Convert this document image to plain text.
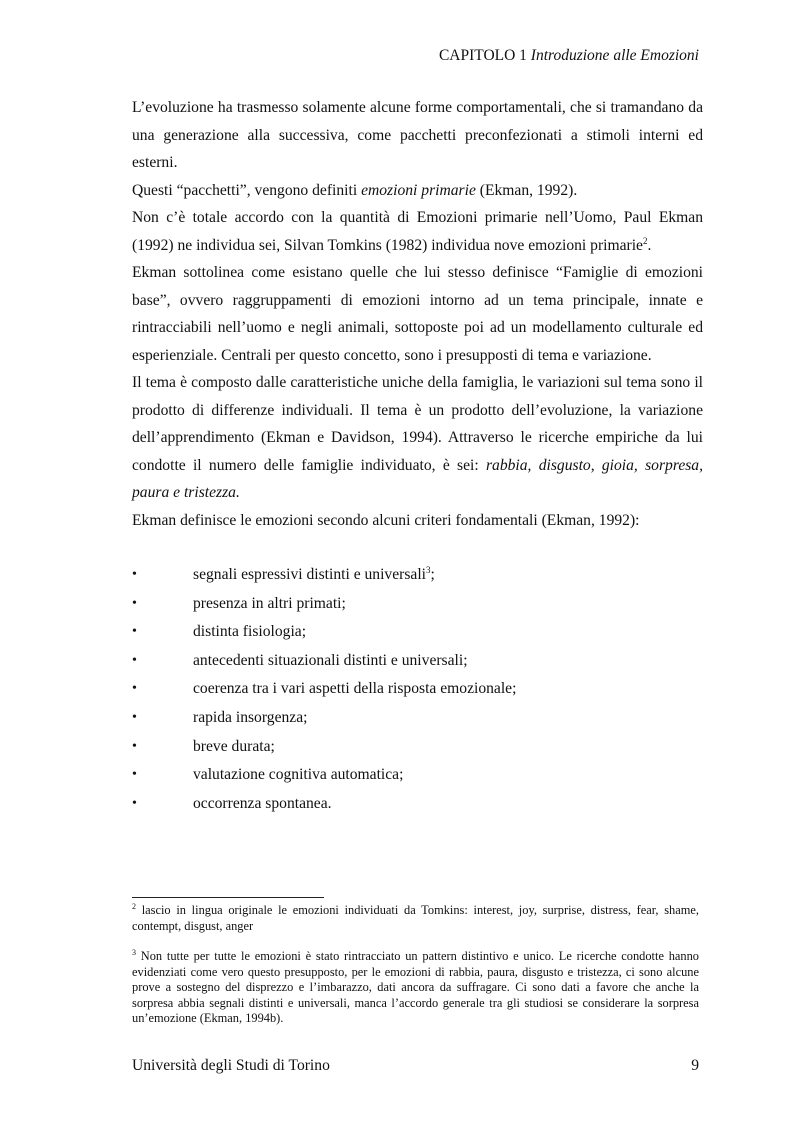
CAPITOLO 1 Introduzione alle Emozioni

L’evoluzione ha trasmesso solamente alcune forme comportamentali, che si tramandano da una generazione alla successiva, come pacchetti preconfezionati a stimoli interni ed esterni.

Questi “pacchetti”, vengono definiti emozioni primarie (Ekman, 1992).

Non c’è totale accordo con la quantità di Emozioni primarie nell’Uomo, Paul Ekman (1992) ne individua sei, Silvan Tomkins (1982) individua nove emozioni primarie$^2$.

Ekman sottolinea come esistano quelle che lui stesso definisce “Famiglie di emozioni base”, ovvero raggruppamenti di emozioni intorno ad un tema principale, innate e rintracciabili nell’uomo e negli animali, sottoposte poi ad un modellamento culturale ed esperienziale. Centrali per questo concetto, sono i presupposti di tema e variazione.

Il tema è composto dalle caratteristiche uniche della famiglia, le variazioni sul tema sono il prodotto di differenze individuali. Il tema è un prodotto dell’evoluzione, la variazione dell’apprendimento (Ekman e Davidson, 1994). Attraverso le ricerche empiriche da lui condotte il numero delle famiglie individuato, è sei: rabbia, disgusto, gioia, sorpresa, paura e tristezza.

Ekman definisce le emozioni secondo alcuni criteri fondamentali (Ekman, 1992):

•	segnali espressivi distinti e universali$^3$;
•	presenza in altri primati;
•	distinta fisiologia;
•	antecedenti situazionali distinti e universali;
•	coerenza tra i vari aspetti della risposta emozionale;
•	rapida insorgenza;
•	breve durata;
•	valutazione cognitiva automatica;
•	occorrenza spontanea.

$^2$ lascio in lingua originale le emozioni individuati da Tomkins: interest, joy, surprise, distress, fear, shame, contempt, disgust, anger

$^3$ Non tutte per tutte le emozioni è stato rintracciato un pattern distintivo e unico. Le ricerche condotte hanno evidenziati come vero questo presupposto, per le emozioni di rabbia, paura, disgusto e tristezza, ci sono alcune prove a sostegno del disprezzo e l’imbarazzo, dati ancora da suffragare. Ci sono dati a favore che anche la sorpresa abbia segnali distinti e universali, manca l’accordo generale tra gli studiosi se considerare la sorpresa un’emozione (Ekman, 1994b).

Università degli Studi di Torino	9
